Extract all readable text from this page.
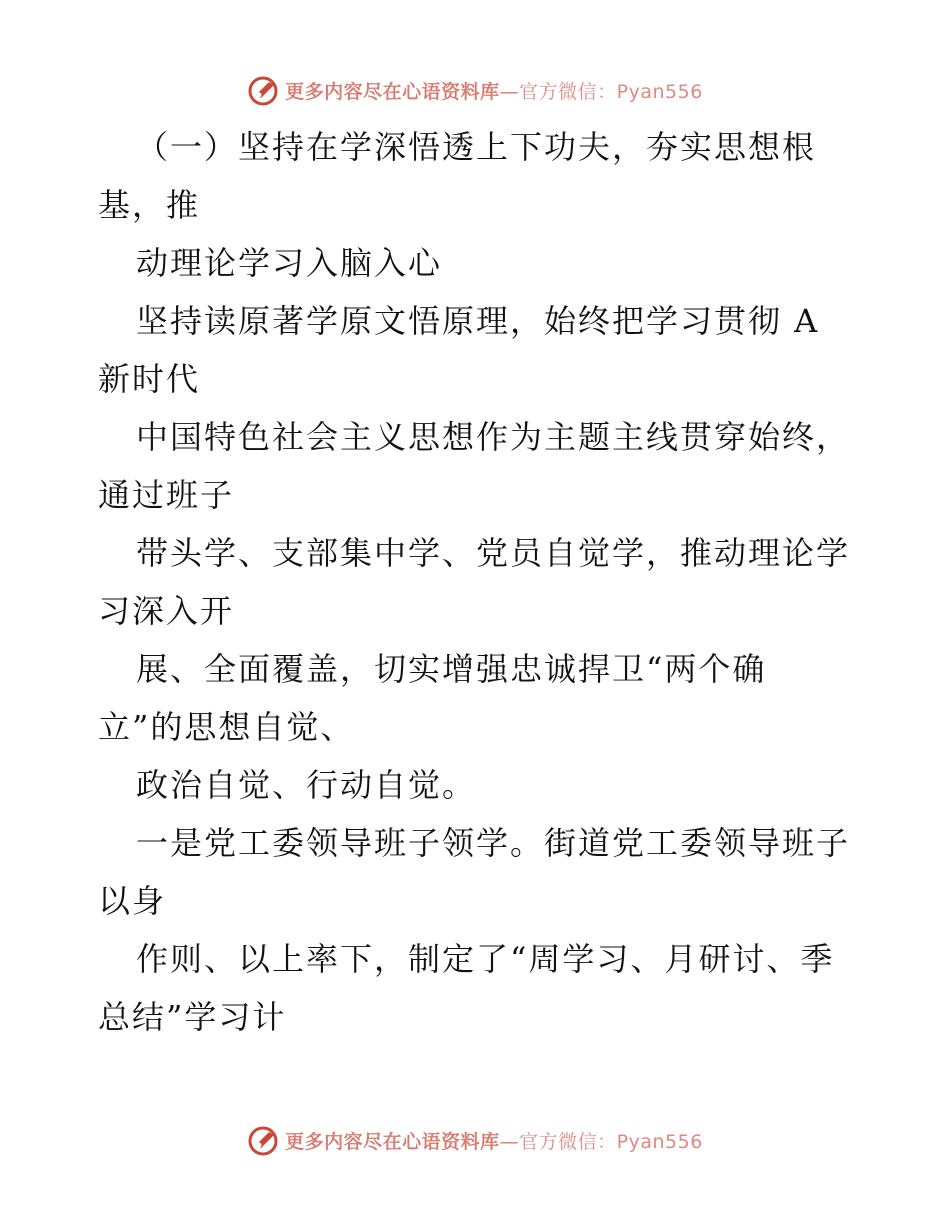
更多内容尽在心语资料库—官方微信：Pyan556
（一）坚持在学深悟透上下功夫，夯实思想根
基，推
动理论学习入脑入心
坚持读原著学原文悟原理，始终把学习贯彻 A
新时代
中国特色社会主义思想作为主题主线贯穿始终，
通过班子
带头学、支部集中学、党员自觉学，推动理论学
习深入开
展、全面覆盖，切实增强忠诚捍卫“两个确
立”的思想自觉、
政治自觉、行动自觉。
一是党工委领导班子领学。街道党工委领导班子
以身
作则、以上率下，制定了“周学习、月研讨、季
总结”学习计
更多内容尽在心语资料库—官方微信：Pyan556
